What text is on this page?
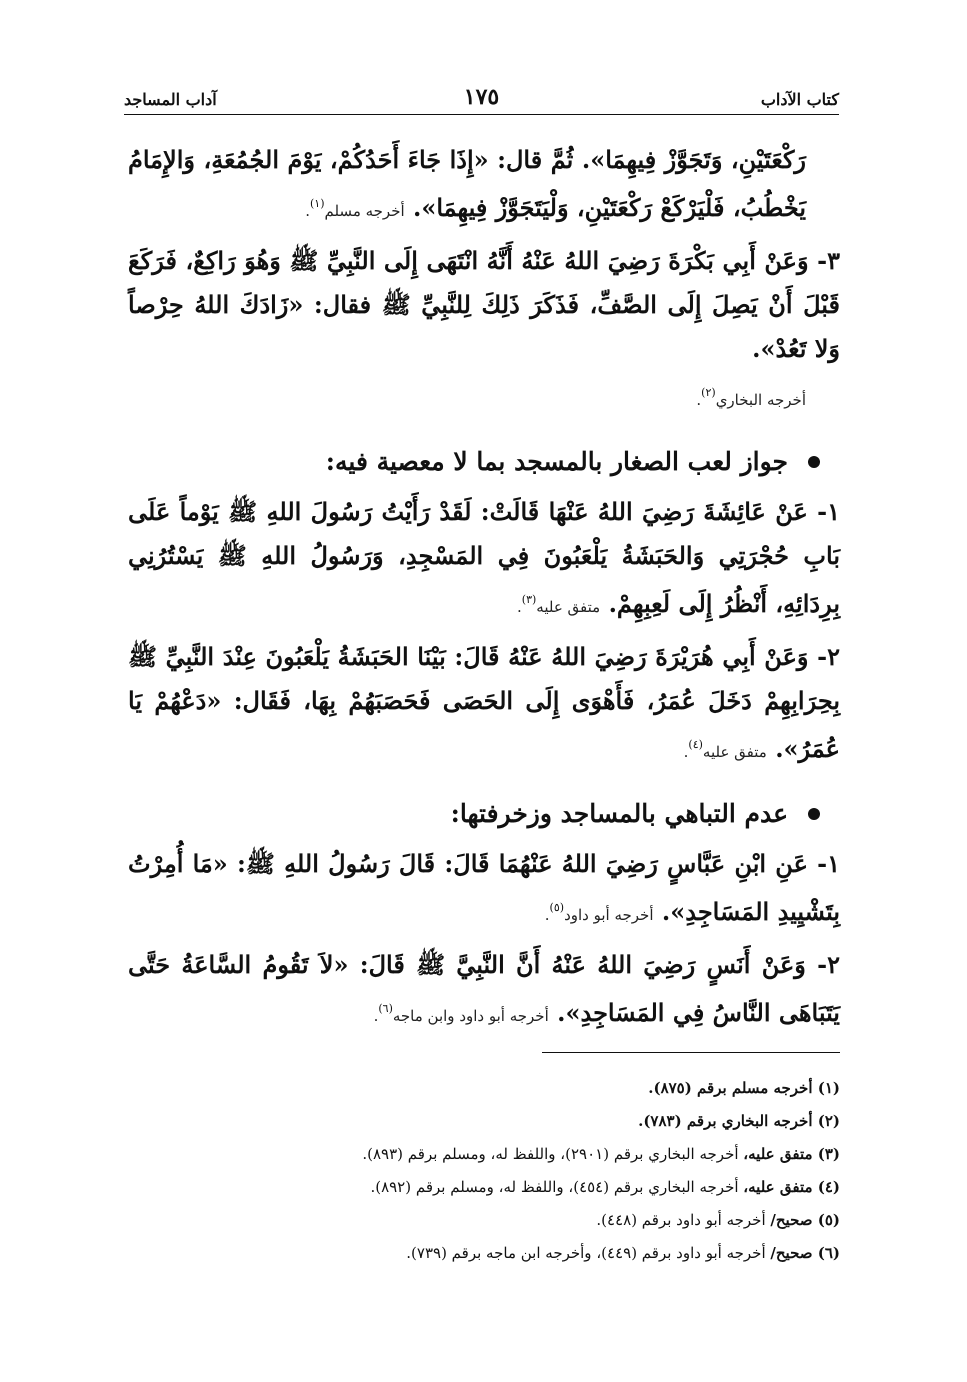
كتاب الآداب
١٧٥
آداب المساجد

رَكْعَتَيْنِ، وَتَجَوَّزْ فِيهِمَا». ثُمَّ قال: «إِذَا جَاءَ أَحَدُكُمْ، يَوْمَ الجُمُعَةِ، وَالإِمَامُ يَخْطُبُ، فَلْيَرْكَعْ رَكْعَتَيْنِ، وَلْيَتَجَوَّزْ فِيهِمَا». أخرجه مسلم$^{(١)}$.

٣- وَعَنْ أَبِي بَكْرَةَ رَضِيَ اللهُ عَنْهُ أَنَّهُ انْتَهَى إِلَى النَّبِيِّ ﷺ وَهُوَ رَاكِعٌ، فَرَكَعَ قَبْلَ أَنْ يَصِلَ إِلَى الصَّفِّ، فَذَكَرَ ذَلِكَ لِلنَّبِيِّ ﷺ فقال: «زَادَكَ اللهُ حِرْصاً وَلا تَعُدْ».
أخرجه البخاري$^{(٢)}$.

جواز لعب الصغار بالمسجد بما لا معصية فيه:

١- عَنْ عَائِشَةَ رَضِيَ اللهُ عَنْهَا قَالَتْ: لَقَدْ رَأَيْتُ رَسُولَ اللهِ ﷺ يَوْماً عَلَى بَابِ حُجْرَتِي وَالحَبَشَةُ يَلْعَبُونَ فِي المَسْجِدِ، وَرَسُولُ اللهِ ﷺ يَسْتُرُنِي بِرِدَائِهِ، أَنْظُرُ إِلَى لَعِبِهِمْ. متفق عليه$^{(٣)}$.

٢- وَعَنْ أَبِي هُرَيْرَةَ رَضِيَ اللهُ عَنْهُ قَالَ: بَيْنَا الحَبَشَةُ يَلْعَبُونَ عِنْدَ النَّبِيِّ ﷺ بِحِرَابِهِمْ دَخَلَ عُمَرُ، فَأَهْوَى إِلَى الحَصَى فَحَصَبَهُمْ بِهَا، فَقَال: «دَعْهُمْ يَا عُمَرُ». متفق عليه$^{(٤)}$.

عدم التباهي بالمساجد وزخرفتها:

١- عَنِ ابْنِ عَبَّاسٍ رَضِيَ اللهُ عَنْهُمَا قَالَ: قَالَ رَسُولُ اللهِ ﷺ: «مَا أُمِرْتُ بِتَشْيِيدِ المَسَاجِدِ». أخرجه أبو داود$^{(٥)}$.

٢- وَعَنْ أَنَسٍ رَضِيَ اللهُ عَنْهُ أَنَّ النَّبِيَّ ﷺ قَالَ: «لاَ تَقُومُ السَّاعَةُ حَتَّى يَتَبَاهَى النَّاسُ فِي المَسَاجِدِ». أخرجه أبو داود وابن ماجه$^{(٦)}$.

(١) أخرجه مسلم برقم (٨٧٥).
(٢) أخرجه البخاري برقم (٧٨٣).
(٣) متفق عليه، أخرجه البخاري برقم (٢٩٠١)، واللفظ له، ومسلم برقم (٨٩٣).
(٤) متفق عليه، أخرجه البخاري برقم (٤٥٤)، واللفظ له، ومسلم برقم (٨٩٢).
(٥) صحيح/ أخرجه أبو داود برقم (٤٤٨).
(٦) صحيح/ أخرجه أبو داود برقم (٤٤٩)، وأخرجه ابن ماجه برقم (٧٣٩).
